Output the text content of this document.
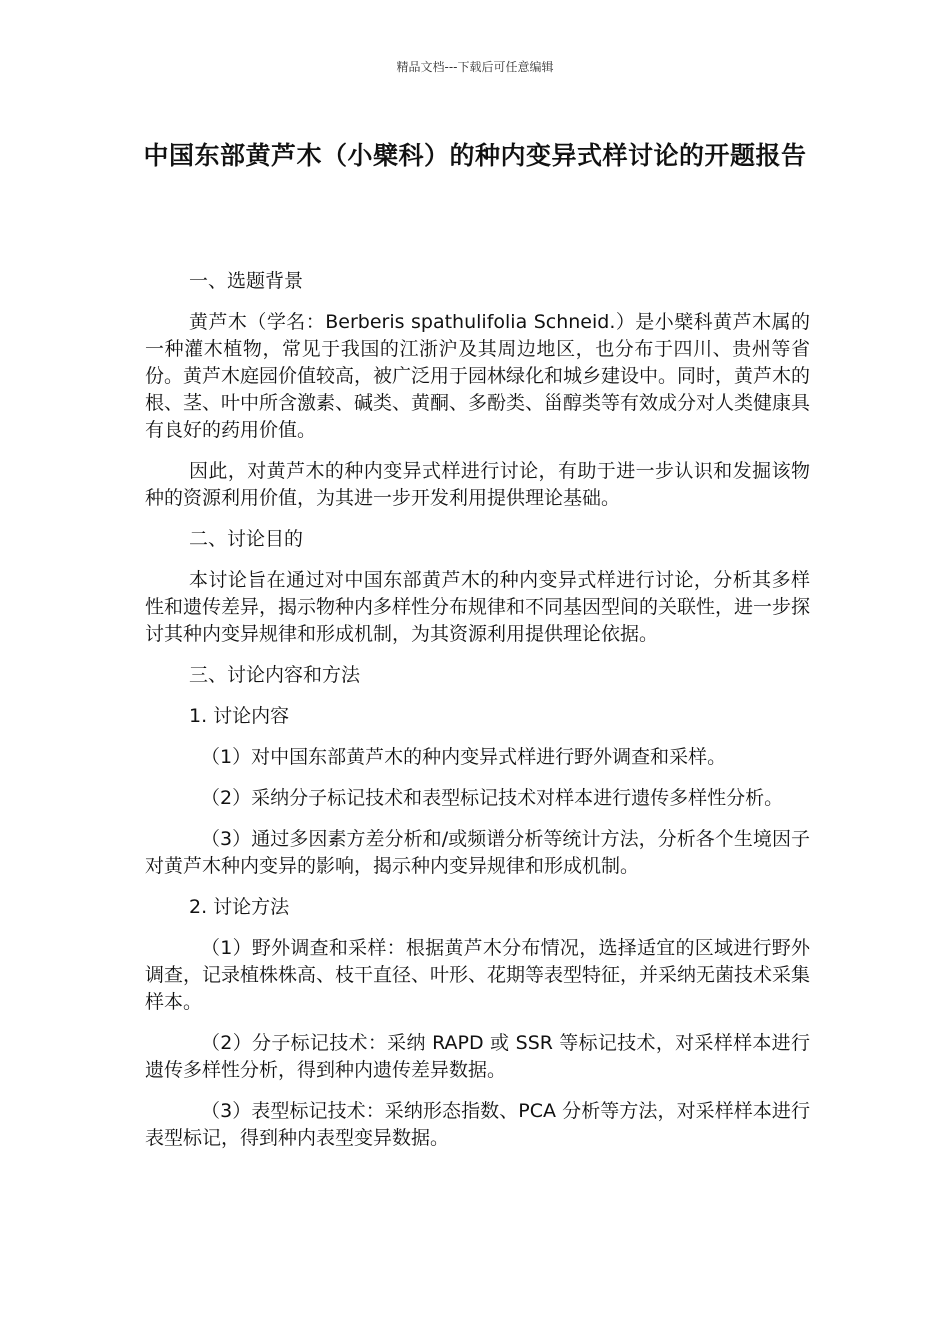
精品文档---下载后可任意编辑
中国东部黄芦木（小檗科）的种内变异式样讨论的开题报告

一、选题背景

黄芦木（学名：Berberis spathulifolia Schneid.）是小檗科黄芦木属的一种灌木植物，常见于我国的江浙沪及其周边地区，也分布于四川、贵州等省份。黄芦木庭园价值较高，被广泛用于园林绿化和城乡建设中。同时，黄芦木的根、茎、叶中所含激素、碱类、黄酮、多酚类、甾醇类等有效成分对人类健康具有良好的药用价值。

因此，对黄芦木的种内变异式样进行讨论，有助于进一步认识和发掘该物种的资源利用价值，为其进一步开发利用提供理论基础。

二、讨论目的

本讨论旨在通过对中国东部黄芦木的种内变异式样进行讨论，分析其多样性和遗传差异，揭示物种内多样性分布规律和不同基因型间的关联性，进一步探讨其种内变异规律和形成机制，为其资源利用提供理论依据。

三、讨论内容和方法

1. 讨论内容

（1）对中国东部黄芦木的种内变异式样进行野外调查和采样。

（2）采纳分子标记技术和表型标记技术对样本进行遗传多样性分析。

（3）通过多因素方差分析和/或频谱分析等统计方法，分析各个生境因子对黄芦木种内变异的影响，揭示种内变异规律和形成机制。

2. 讨论方法

（1）野外调查和采样：根据黄芦木分布情况，选择适宜的区域进行野外调查，记录植株株高、枝干直径、叶形、花期等表型特征，并采纳无菌技术采集样本。

（2）分子标记技术：采纳 RAPD 或 SSR 等标记技术，对采样样本进行遗传多样性分析，得到种内遗传差异数据。

（3）表型标记技术：采纳形态指数、PCA 分析等方法，对采样样本进行表型标记，得到种内表型变异数据。
